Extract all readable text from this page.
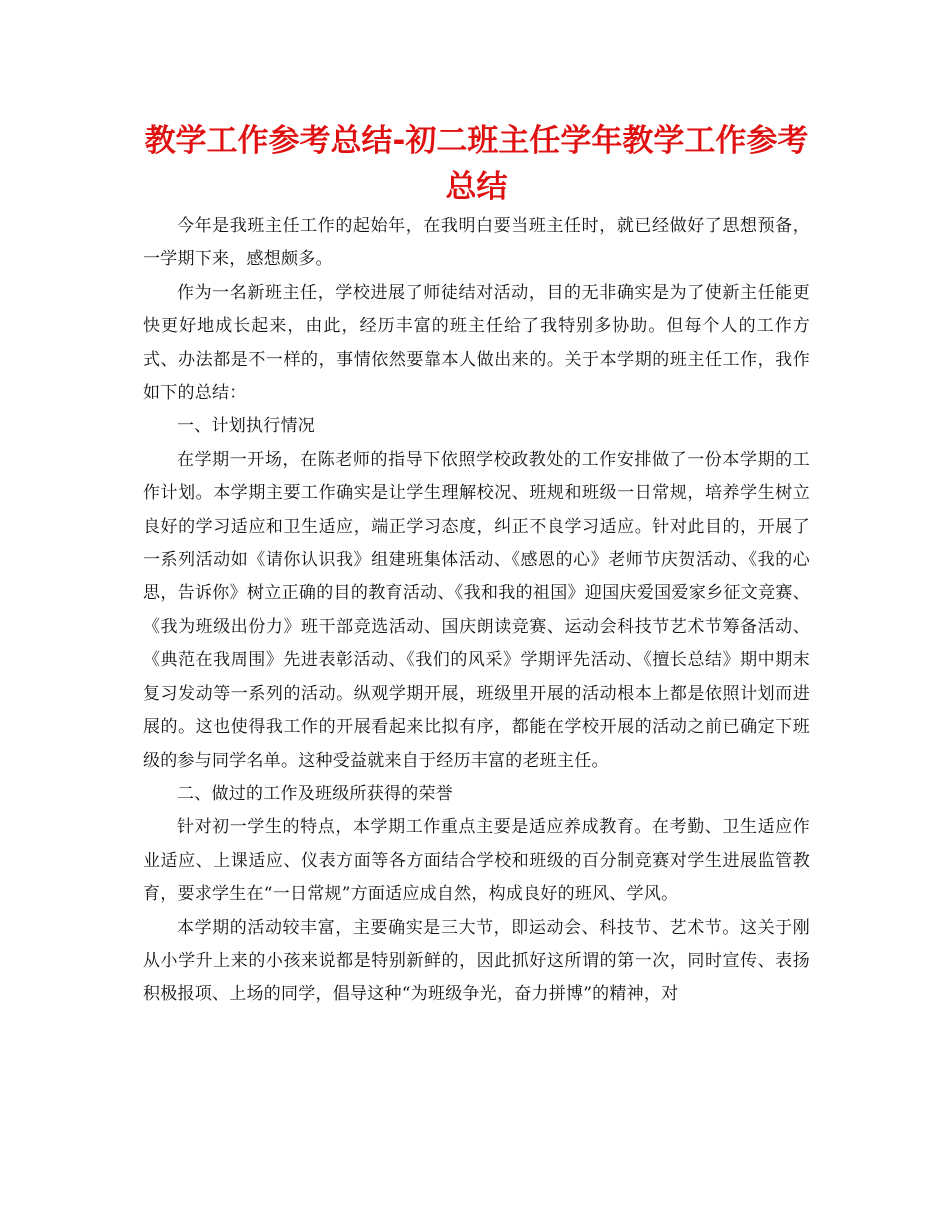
教学工作参考总结-初二班主任学年教学工作参考总结

今年是我班主任工作的起始年，在我明白要当班主任时，就已经做好了思想预备，一学期下来，感想颇多。

作为一名新班主任，学校进展了师徒结对活动，目的无非确实是为了使新主任能更快更好地成长起来，由此，经历丰富的班主任给了我特别多协助。但每个人的工作方式、办法都是不一样的，事情依然要靠本人做出来的。关于本学期的班主任工作，我作如下的总结：

一、计划执行情况

在学期一开场，在陈老师的指导下依照学校政教处的工作安排做了一份本学期的工作计划。本学期主要工作确实是让学生理解校况、班规和班级一日常规，培养学生树立良好的学习适应和卫生适应，端正学习态度，纠正不良学习适应。针对此目的，开展了一系列活动如《请你认识我》组建班集体活动、《感恩的心》老师节庆贺活动、《我的心思，告诉你》树立正确的目的教育活动、《我和我的祖国》迎国庆爱国爱家乡征文竞赛、《我为班级出份力》班干部竞选活动、国庆朗读竞赛、运动会科技节艺术节筹备活动、《典范在我周围》先进表彰活动、《我们的风采》学期评先活动、《擅长总结》期中期末复习发动等一系列的活动。纵观学期开展，班级里开展的活动根本上都是依照计划而进展的。这也使得我工作的开展看起来比拟有序，都能在学校开展的活动之前已确定下班级的参与同学名单。这种受益就来自于经历丰富的老班主任。

二、做过的工作及班级所获得的荣誉

针对初一学生的特点，本学期工作重点主要是适应养成教育。在考勤、卫生适应作业适应、上课适应、仪表方面等各方面结合学校和班级的百分制竞赛对学生进展监管教育，要求学生在“一日常规”方面适应成自然，构成良好的班风、学风。

本学期的活动较丰富，主要确实是三大节，即运动会、科技节、艺术节。这关于刚从小学升上来的小孩来说都是特别新鲜的，因此抓好这所谓的第一次，同时宣传、表扬积极报项、上场的同学，倡导这种“为班级争光，奋力拼博”的精神，对
